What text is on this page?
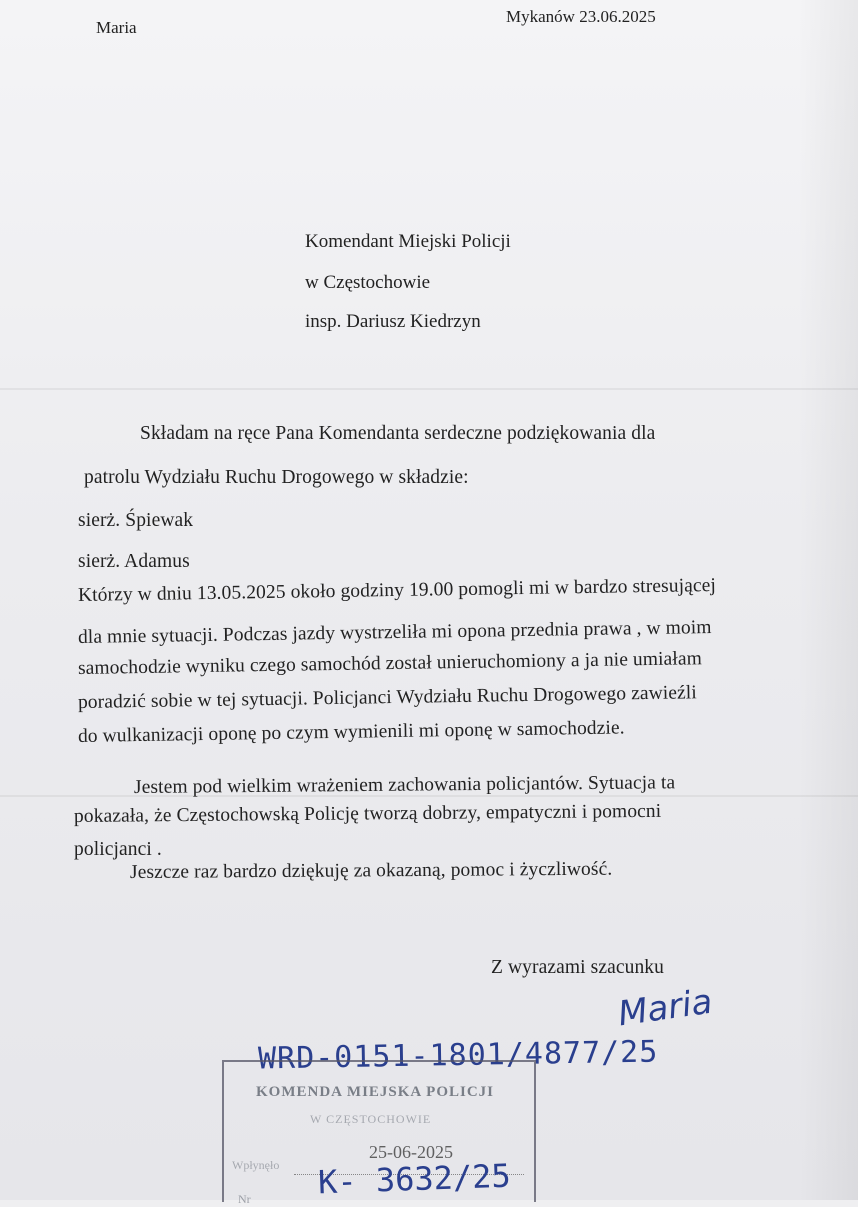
Maria
Mykanów 23.06.2025
Komendant Miejski Policji
w Częstochowie
insp. Dariusz Kiedrzyn
Składam na ręce Pana Komendanta serdeczne podziękowania dla
patrolu Wydziału Ruchu Drogowego w składzie:
sierż. Śpiewak
sierż. Adamus
Którzy w dniu 13.05.2025 około godziny 19.00 pomogli mi w bardzo stresującej
dla mnie sytuacji. Podczas jazdy wystrzeliła mi opona przednia prawa , w moim
samochodzie wyniku czego samochód został unieruchomiony a ja nie umiałam
poradzić sobie w tej sytuacji. Policjanci Wydziału Ruchu Drogowego zawieźli
do wulkanizacji oponę po czym wymienili mi oponę w samochodzie.
Jestem pod wielkim wrażeniem zachowania policjantów. Sytuacja ta
pokazała, że Częstochowską Policję tworzą dobrzy, empatyczni i pomocni
policjanci .
Jeszcze raz bardzo dziękuję za okazaną, pomoc i życzliwość.
Z wyrazami szacunku
Maria
WRD-0151-1801/4877/25
KOMENDA MIEJSKA POLICJI
W CZĘSTOCHOWIE
Wpłynęło
25-06-2025
Nr K- 3632/25
